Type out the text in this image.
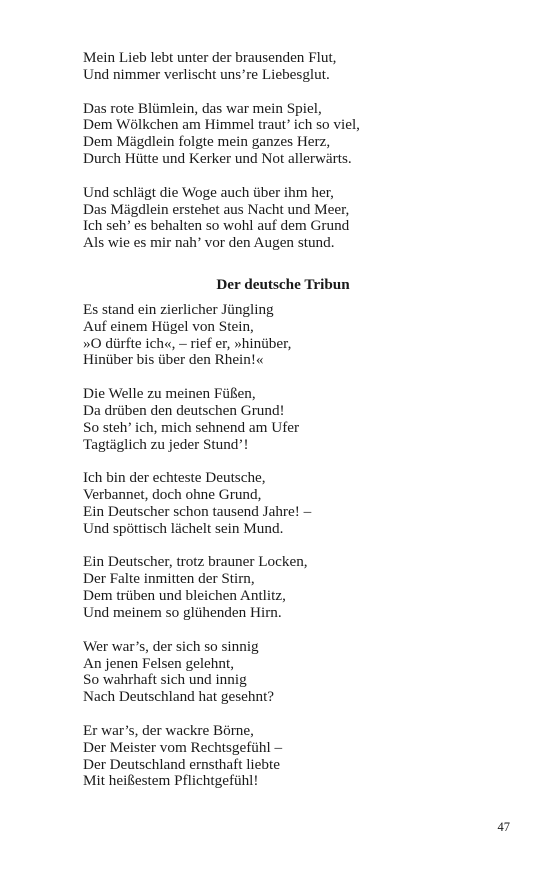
Mein Lieb lebt unter der brausenden Flut,
Und nimmer verlischt uns’re Liebesglut.
Das rote Blümlein, das war mein Spiel,
Dem Wölkchen am Himmel traut’ ich so viel,
Dem Mägdlein folgte mein ganzes Herz,
Durch Hütte und Kerker und Not allerwärts.
Und schlägt die Woge auch über ihm her,
Das Mägdlein erstehet aus Nacht und Meer,
Ich seh’ es behalten so wohl auf dem Grund
Als wie es mir nah’ vor den Augen stund.
Der deutsche Tribun
Es stand ein zierlicher Jüngling
Auf einem Hügel von Stein,
»O dürfte ich«, – rief er, »hinüber,
Hinüber bis über den Rhein!«
Die Welle zu meinen Füßen,
Da drüben den deutschen Grund!
So steh’ ich, mich sehnend am Ufer
Tagtäglich zu jeder Stund’!
Ich bin der echteste Deutsche,
Verbannet, doch ohne Grund,
Ein Deutscher schon tausend Jahre! –
Und spöttisch lächelt sein Mund.
Ein Deutscher, trotz brauner Locken,
Der Falte inmitten der Stirn,
Dem trüben und bleichen Antlitz,
Und meinem so glühenden Hirn.
Wer war’s, der sich so sinnig
An jenen Felsen gelehnt,
So wahrhaft sich und innig
Nach Deutschland hat gesehnt?
Er war’s, der wackre Börne,
Der Meister vom Rechtsgefühl –
Der Deutschland ernsthaft liebte
Mit heißestem Pflichtgefühl!
47
